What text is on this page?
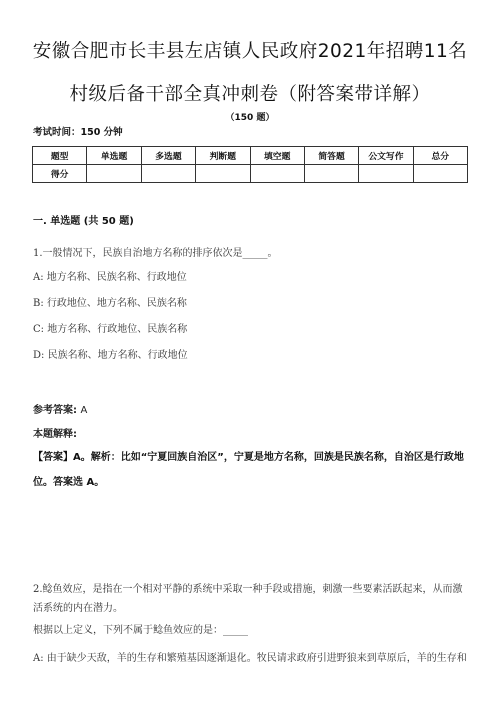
安徽合肥市长丰县左店镇人民政府2021年招聘11名
村级后备干部全真冲刺卷（附答案带详解）
（150 题）
考试时间：150 分钟
题型	单选题	多选题	判断题	填空题	简答题	公文写作	总分
得分							
一. 单选题 (共 50 题)
1.一般情况下，民族自治地方名称的排序依次是_____。
A: 地方名称、民族名称、行政地位
B: 行政地位、地方名称、民族名称
C: 地方名称、行政地位、民族名称
D: 民族名称、地方名称、行政地位
参考答案: A
本题解释:
【答案】A。解析：比如“宁夏回族自治区”，宁夏是地方名称，回族是民族名称，自治区是行政地位。答案选 A。
2.鲶鱼效应，是指在一个相对平静的系统中采取一种手段或措施，刺激一些要素活跃起来，从而激
活系统的内在潜力。
根据以上定义，下列不属于鲶鱼效应的是：_____
A: 由于缺少天敌，羊的生存和繁殖基因逐渐退化。牧民请求政府引进野狼来到草原后，羊的生存和
